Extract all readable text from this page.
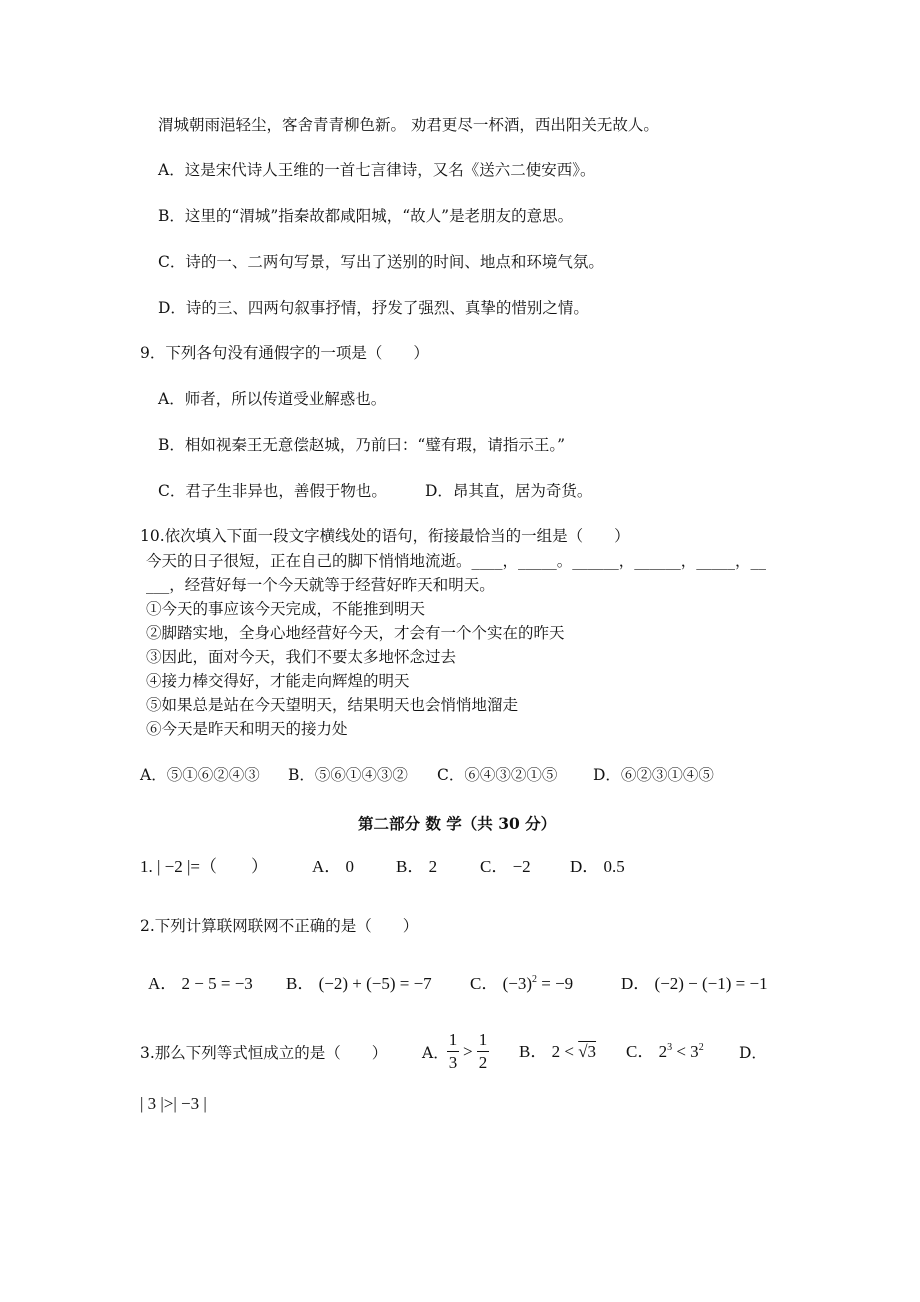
渭城朝雨浥轻尘，客舍青青柳色新。 劝君更尽一杯酒，西出阳关无故人。
A．这是宋代诗人王维的一首七言律诗，又名《送六二使安西》。
B．这里的“渭城”指秦故都咸阳城，“故人”是老朋友的意思。
C．诗的一、二两句写景，写出了送别的时间、地点和环境气氛。
D．诗的三、四两句叙事抒情，抒发了强烈、真挚的惜别之情。
9．下列各句没有通假字的一项是（　　）
A．师者，所以传道受业解惑也。
B．相如视秦王无意偿赵城，乃前曰：“璧有瑕，请指示王。”
C．君子生非异也，善假于物也。 D．昂其直，居为奇货。
10.依次填入下面一段文字横线处的语句，衔接最恰当的一组是（　　）
今天的日子很短，正在自己的脚下悄悄地流逝。____，_____。______，______，_____，__
___，经营好每一个今天就等于经营好昨天和明天。
①今天的事应该今天完成，不能推到明天
②脚踏实地，全身心地经营好今天，才会有一个个实在的昨天
③因此，面对今天，我们不要太多地怀念过去
④接力棒交得好，才能走向辉煌的明天
⑤如果总是站在今天望明天，结果明天也会悄悄地溜走
⑥今天是昨天和明天的接力处
A．⑤①⑥②④③ B．⑤⑥①④③② C．⑥④③②①⑤ D．⑥②③①④⑤
第二部分 数 学（共 30 分）
1. | −2 |=（　　）	A． 0 B． 2	C． −2 D． 0.5
2.下列计算联网联网不正确的是（　　）
A． 2 − 5 = −3 B． (−2) + (−5) = −7 C． $(-3)^2 = -9$	D． (−2) − (−1) = −1
3.那么下列等式恒成立的是（　　） A．
1
3
>
1
2
B． 2 < √3 C． $2^3 < 3^2$ D．
| 3 |>| −3 |
